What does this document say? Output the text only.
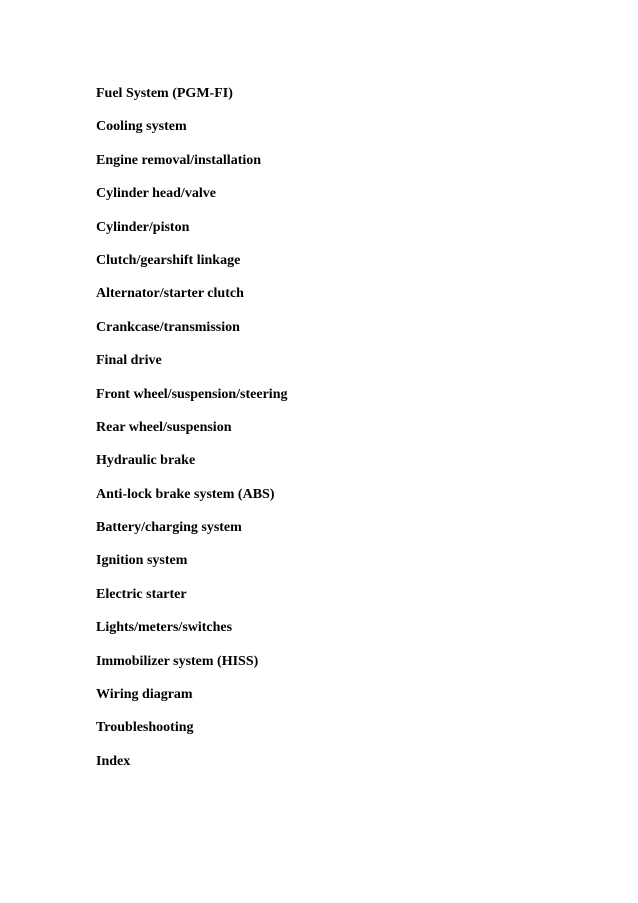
Fuel System (PGM-FI)
Cooling system
Engine removal/installation
Cylinder head/valve
Cylinder/piston
Clutch/gearshift linkage
Alternator/starter clutch
Crankcase/transmission
Final drive
Front wheel/suspension/steering
Rear wheel/suspension
Hydraulic brake
Anti-lock brake system (ABS)
Battery/charging system
Ignition system
Electric starter
Lights/meters/switches
Immobilizer system (HISS)
Wiring diagram
Troubleshooting
Index
